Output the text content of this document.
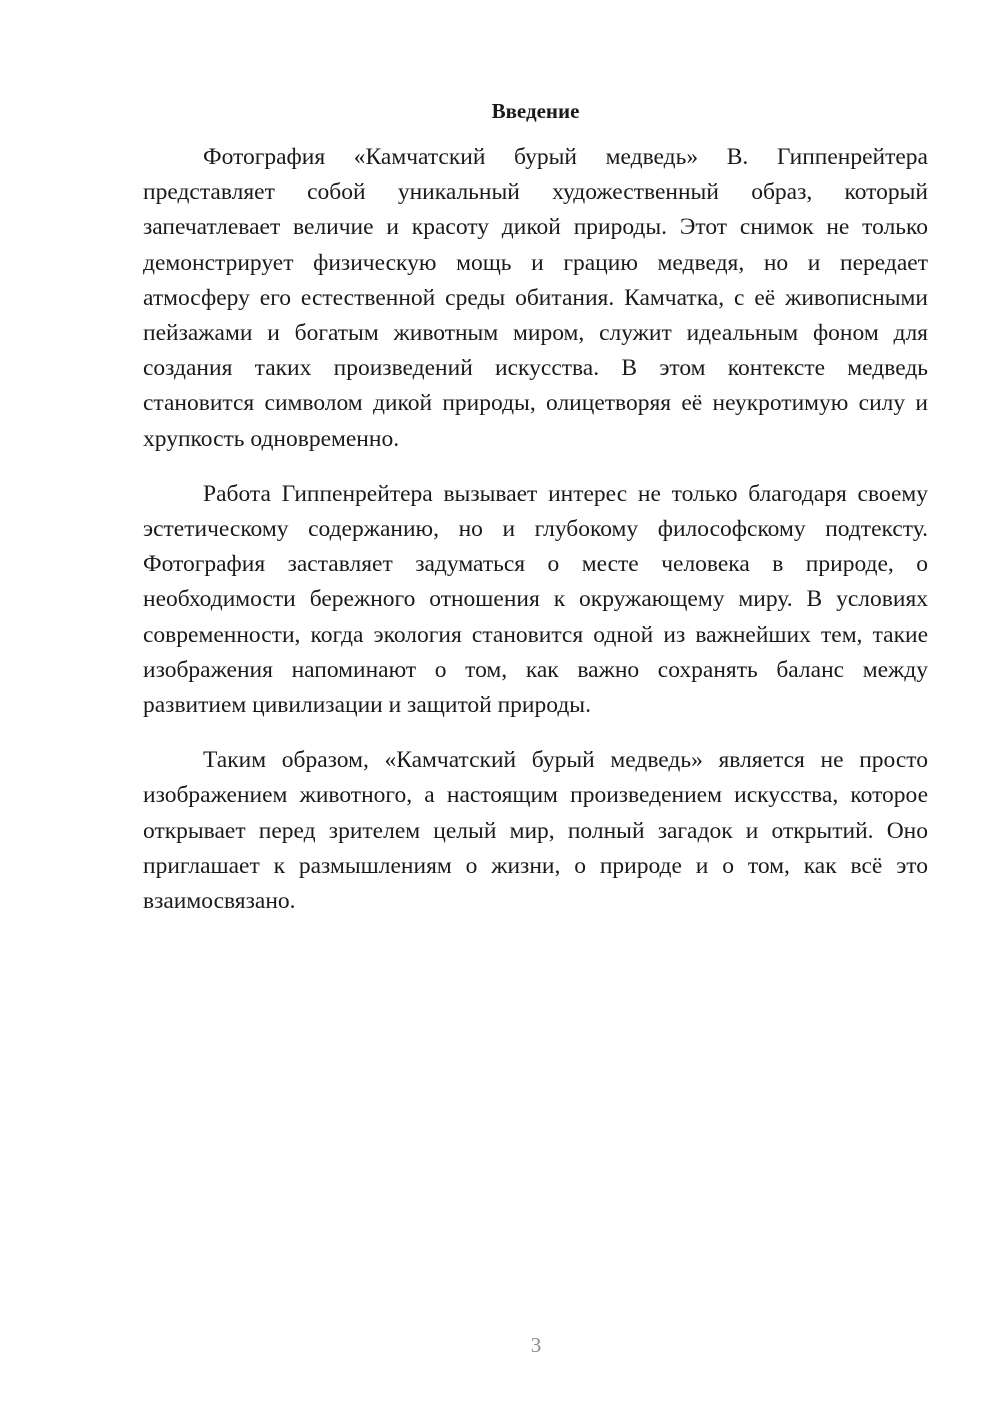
Введение

Фотография «Камчатский бурый медведь» В. Гиппенрейтера представляет собой уникальный художественный образ, который запечатлевает величие и красоту дикой природы. Этот снимок не только демонстрирует физическую мощь и грацию медведя, но и передает атмосферу его естественной среды обитания. Камчатка, с её живописными пейзажами и богатым животным миром, служит идеальным фоном для создания таких произведений искусства. В этом контексте медведь становится символом дикой природы, олицетворяя её неукротимую силу и хрупкость одновременно.

Работа Гиппенрейтера вызывает интерес не только благодаря своему эстетическому содержанию, но и глубокому философскому подтексту. Фотография заставляет задуматься о месте человека в природе, о необходимости бережного отношения к окружающему миру. В условиях современности, когда экология становится одной из важнейших тем, такие изображения напоминают о том, как важно сохранять баланс между развитием цивилизации и защитой природы.

Таким образом, «Камчатский бурый медведь» является не просто изображением животного, а настоящим произведением искусства, которое открывает перед зрителем целый мир, полный загадок и открытий. Оно приглашает к размышлениям о жизни, о природе и о том, как всё это взаимосвязано.

3
